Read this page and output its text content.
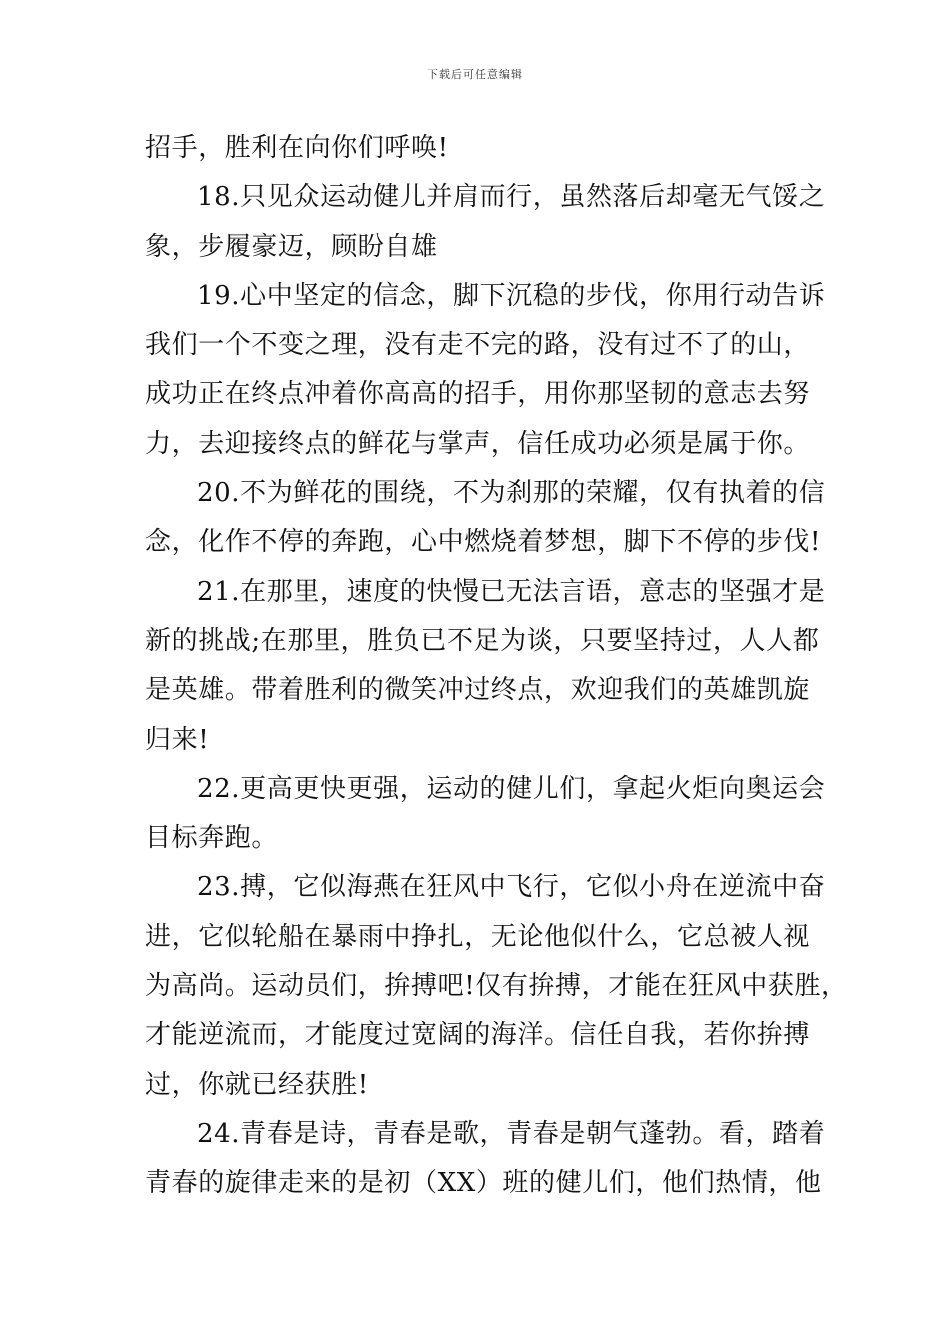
下载后可任意编辑
招手，胜利在向你们呼唤!
18.只见众运动健儿并肩而行，虽然落后却毫无气馁之
象，步履豪迈，顾盼自雄
19.心中坚定的信念，脚下沉稳的步伐，你用行动告诉
我们一个不变之理，没有走不完的路，没有过不了的山，
成功正在终点冲着你高高的招手，用你那坚韧的意志去努
力，去迎接终点的鲜花与掌声，信任成功必须是属于你。
20.不为鲜花的围绕，不为刹那的荣耀，仅有执着的信
念，化作不停的奔跑，心中燃烧着梦想，脚下不停的步伐!
21.在那里，速度的快慢已无法言语，意志的坚强才是
新的挑战;在那里，胜负已不足为谈，只要坚持过，人人都
是英雄。带着胜利的微笑冲过终点，欢迎我们的英雄凯旋
归来!
22.更高更快更强，运动的健儿们，拿起火炬向奥运会
目标奔跑。
23.搏，它似海燕在狂风中飞行，它似小舟在逆流中奋
进，它似轮船在暴雨中挣扎，无论他似什么，它总被人视
为高尚。运动员们，拚搏吧!仅有拚搏，才能在狂风中获胜，
才能逆流而，才能度过宽阔的海洋。信任自我，若你拚搏
过，你就已经获胜!
24.青春是诗，青春是歌，青春是朝气蓬勃。看，踏着
青春的旋律走来的是初（XX）班的健儿们，他们热情，他
